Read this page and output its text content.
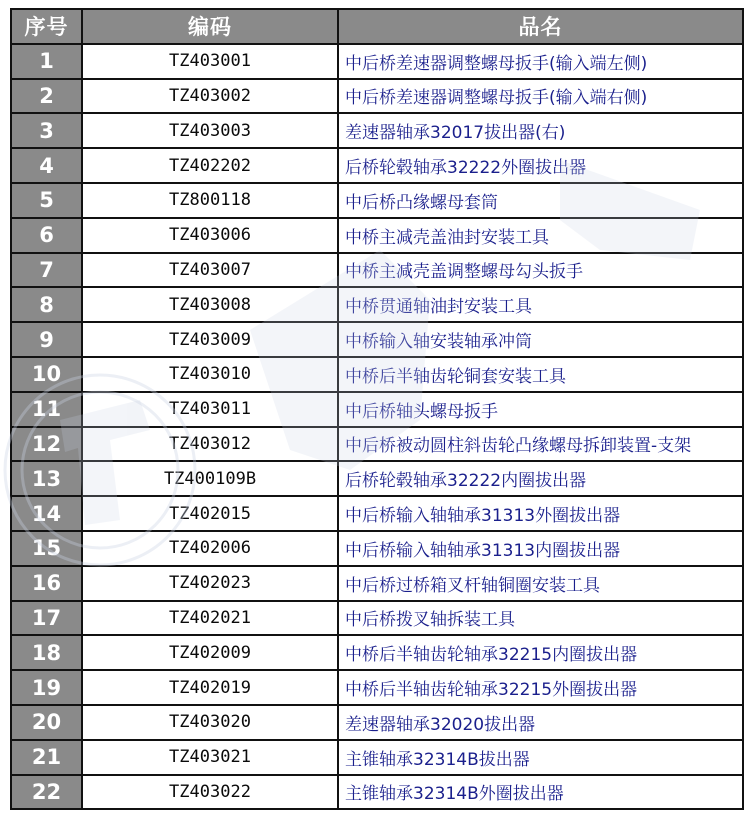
序号	编码	品名
1	TZ403001	中后桥差速器调整螺母扳手(输入端左侧)
2	TZ403002	中后桥差速器调整螺母扳手(输入端右侧)
3	TZ403003	差速器轴承32017拔出器(右)
4	TZ402202	后桥轮毂轴承32222外圈拔出器
5	TZ800118	中后桥凸缘螺母套筒
6	TZ403006	中桥主减壳盖油封安装工具
7	TZ403007	中桥主减壳盖调整螺母勾头扳手
8	TZ403008	中桥贯通轴油封安装工具
9	TZ403009	中桥输入轴安装轴承冲筒
10	TZ403010	中桥后半轴齿轮铜套安装工具
11	TZ403011	中后桥轴头螺母扳手
12	TZ403012	中后桥被动圆柱斜齿轮凸缘螺母拆卸装置-支架
13	TZ400109B	后桥轮毂轴承32222内圈拔出器
14	TZ402015	中后桥输入轴轴承31313外圈拔出器
15	TZ402006	中后桥输入轴轴承31313内圈拔出器
16	TZ402023	中后桥过桥箱叉杆轴铜圈安装工具
17	TZ402021	中后桥拨叉轴拆装工具
18	TZ402009	中桥后半轴齿轮轴承32215内圈拔出器
19	TZ402019	中桥后半轴齿轮轴承32215外圈拔出器
20	TZ403020	差速器轴承32020拔出器
21	TZ403021	主锥轴承32314B拔出器
22	TZ403022	主锥轴承32314B外圈拔出器
